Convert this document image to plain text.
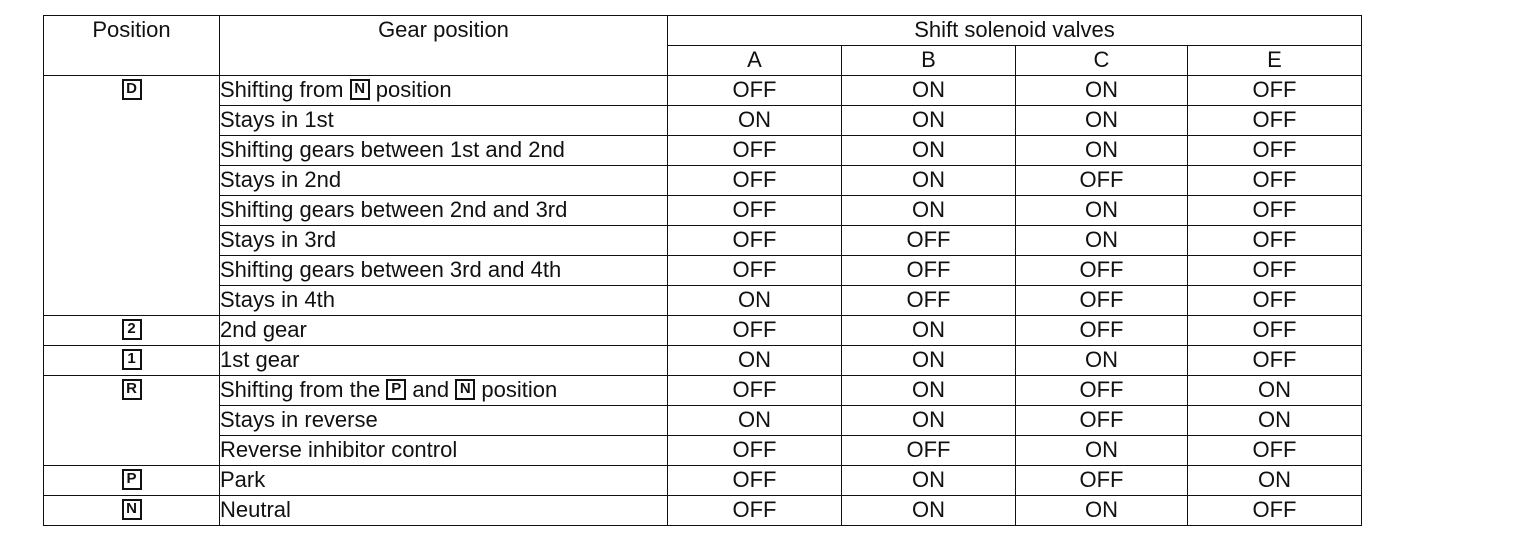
Position	Gear position	Shift solenoid valves			
		A	B	C	E
D	Shifting from N position	OFF	ON	ON	OFF
	Stays in 1st	ON	ON	ON	OFF
	Shifting gears between 1st and 2nd	OFF	ON	ON	OFF
	Stays in 2nd	OFF	ON	OFF	OFF
	Shifting gears between 2nd and 3rd	OFF	ON	ON	OFF
	Stays in 3rd	OFF	OFF	ON	OFF
	Shifting gears between 3rd and 4th	OFF	OFF	OFF	OFF
	Stays in 4th	ON	OFF	OFF	OFF
2	2nd gear	OFF	ON	OFF	OFF
1	1st gear	ON	ON	ON	OFF
R	Shifting from the P and N position	OFF	ON	OFF	ON
	Stays in reverse	ON	ON	OFF	ON
	Reverse inhibitor control	OFF	OFF	ON	OFF
P	Park	OFF	ON	OFF	ON
N	Neutral	OFF	ON	ON	OFF
